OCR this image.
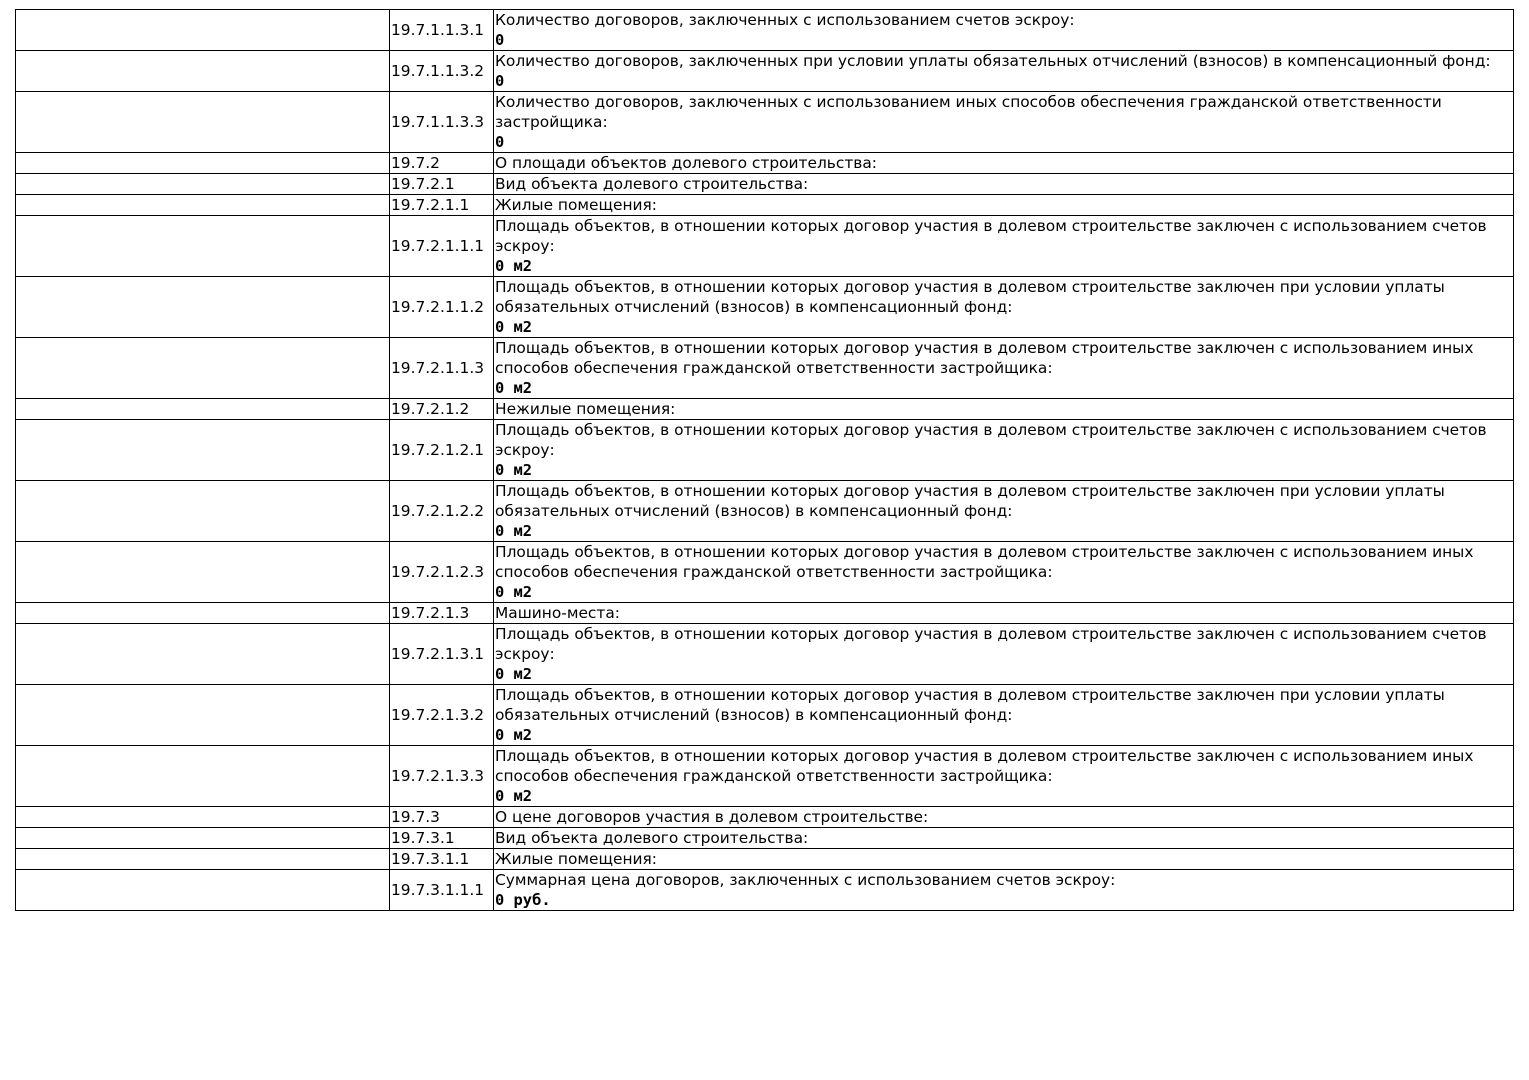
	19.7.1.1.3.1	Количество договоров, заключенных с использованием счетов эскроу:
0

	19.7.1.1.3.2	Количество договоров, заключенных при условии уплаты обязательных отчислений (взносов) в компенсационный фонд:
0

	19.7.1.1.3.3	Количество договоров, заключенных с использованием иных способов обеспечения гражданской ответственности застройщика:
0

	19.7.2	О площади объектов долевого строительства:

	19.7.2.1	Вид объекта долевого строительства:

	19.7.2.1.1	Жилые помещения:

	19.7.2.1.1.1	Площадь объектов, в отношении которых договор участия в долевом строительстве заключен с использованием счетов эскроу:
0 м2

	19.7.2.1.1.2	Площадь объектов, в отношении которых договор участия в долевом строительстве заключен при условии уплаты обязательных отчислений (взносов) в компенсационный фонд:
0 м2

	19.7.2.1.1.3	Площадь объектов, в отношении которых договор участия в долевом строительстве заключен с использованием иных способов обеспечения гражданской ответственности застройщика:
0 м2

	19.7.2.1.2	Нежилые помещения:

	19.7.2.1.2.1	Площадь объектов, в отношении которых договор участия в долевом строительстве заключен с использованием счетов эскроу:
0 м2

	19.7.2.1.2.2	Площадь объектов, в отношении которых договор участия в долевом строительстве заключен при условии уплаты обязательных отчислений (взносов) в компенсационный фонд:
0 м2

	19.7.2.1.2.3	Площадь объектов, в отношении которых договор участия в долевом строительстве заключен с использованием иных способов обеспечения гражданской ответственности застройщика:
0 м2

	19.7.2.1.3	Машино-места:

	19.7.2.1.3.1	Площадь объектов, в отношении которых договор участия в долевом строительстве заключен с использованием счетов эскроу:
0 м2

	19.7.2.1.3.2	Площадь объектов, в отношении которых договор участия в долевом строительстве заключен при условии уплаты обязательных отчислений (взносов) в компенсационный фонд:
0 м2

	19.7.2.1.3.3	Площадь объектов, в отношении которых договор участия в долевом строительстве заключен с использованием иных способов обеспечения гражданской ответственности застройщика:
0 м2

	19.7.3	О цене договоров участия в долевом строительстве:

	19.7.3.1	Вид объекта долевого строительства:

	19.7.3.1.1	Жилые помещения:

	19.7.3.1.1.1	Суммарная цена договоров, заключенных с использованием счетов эскроу:
0 руб.
